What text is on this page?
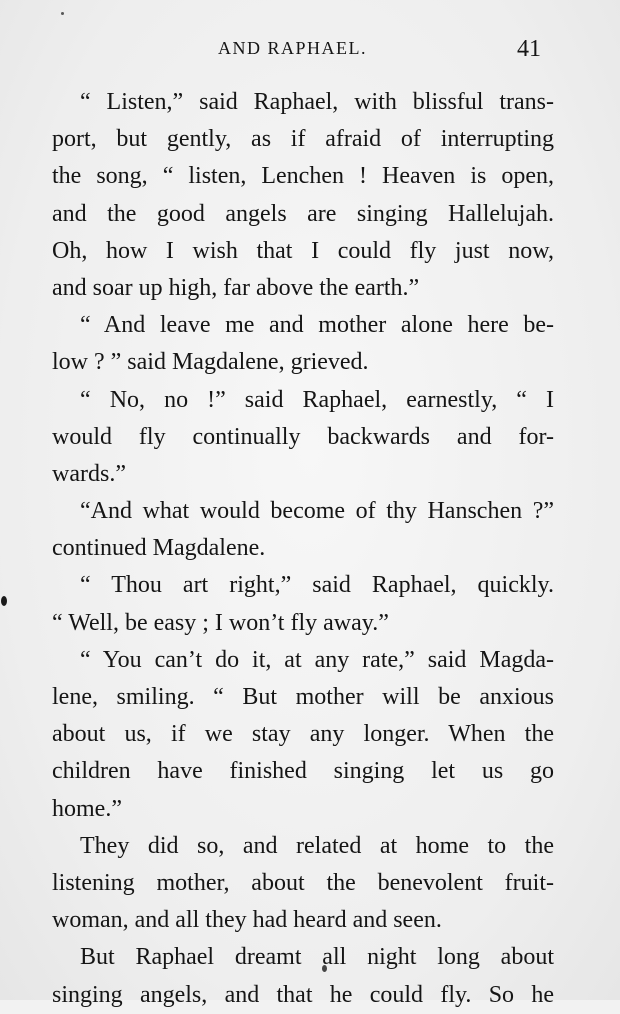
AND RAPHAEL.	41
“ Listen,” said Raphael, with blissful trans-
port, but gently, as if afraid of interrupting
the song, “ listen, Lenchen ! Heaven is open,
and the good angels are singing Hallelujah.
Oh, how I wish that I could fly just now,
and soar up high, far above the earth.”
“ And leave me and mother alone here be-
low ? ” said Magdalene, grieved.
“ No, no !” said Raphael, earnestly, “ I
would fly continually backwards and for-
wards.”
“And what would become of thy Hanschen ?”
continued Magdalene.
“ Thou art right,” said Raphael, quickly.
“ Well, be easy ; I won’t fly away.”
“ You can’t do it, at any rate,” said Magda-
lene, smiling. “ But mother will be anxious
about us, if we stay any longer. When the
children have finished singing let us go
home.”
They did so, and related at home to the
listening mother, about the benevolent fruit-
woman, and all they had heard and seen.
But Raphael dreamt all night long about
singing angels, and that he could fly. So he
